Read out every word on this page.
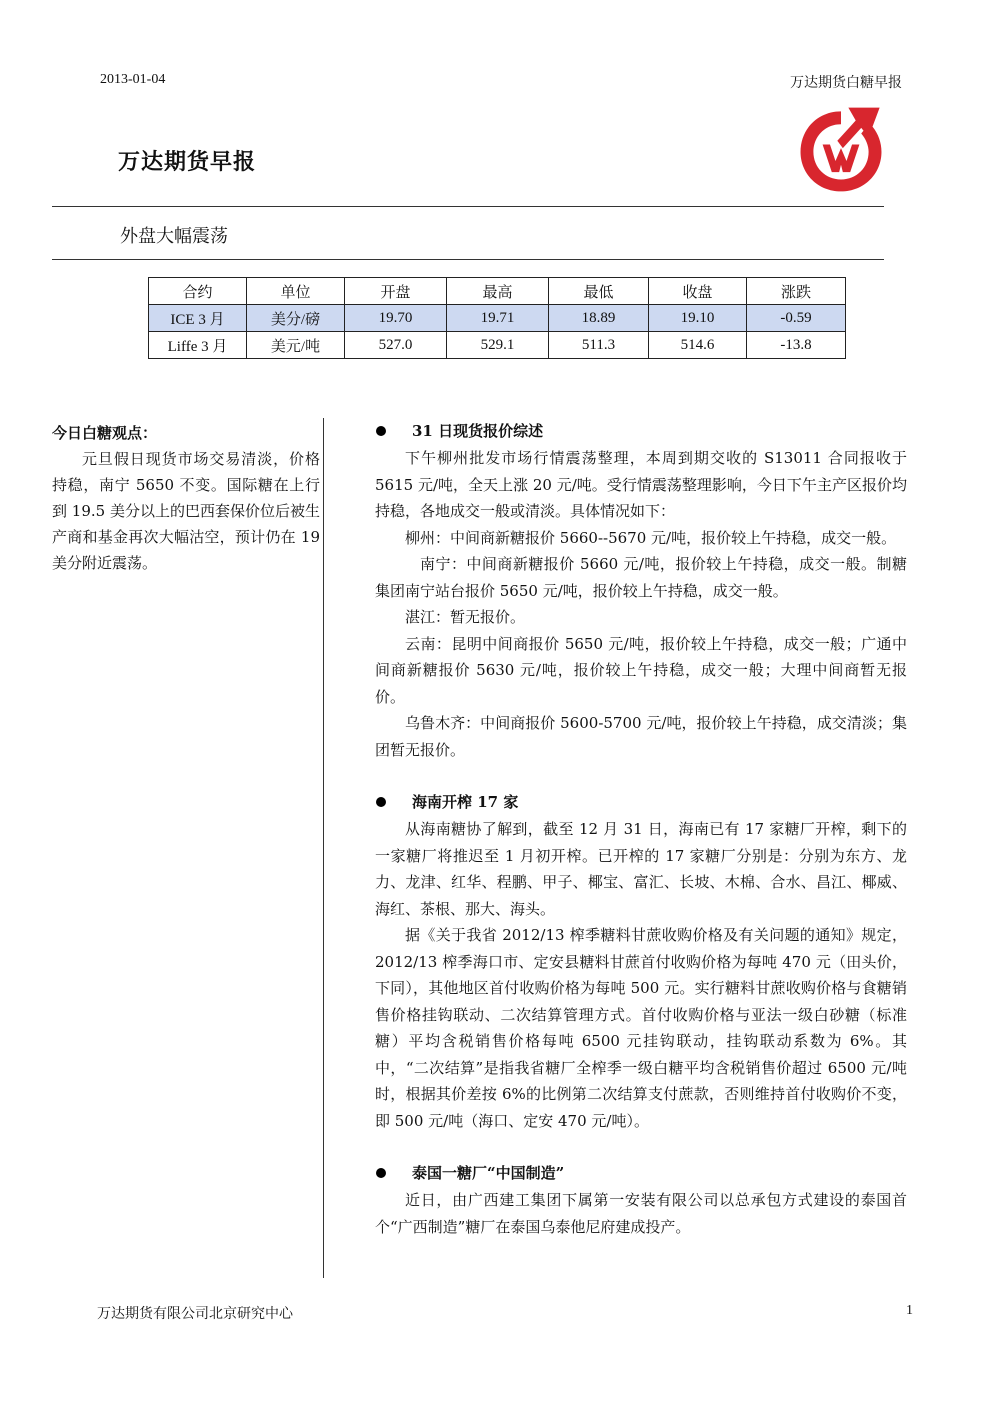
2013-01-04	万达期货白糖早报
万达期货早报
外盘大幅震荡
合约	单位	开盘	最高	最低	收盘	涨跌
ICE 3 月	美分/磅	19.70	19.71	18.89	19.10	-0.59
Liffe 3 月	美元/吨	527.0	529.1	511.3	514.6	-13.8
今日白糖观点：

元旦假日现货市场交易清淡，价格持稳，南宁 5650 不变。国际糖在上行到 19.5 美分以上的巴西套保价位后被生产商和基金再次大幅沽空，预计仍在 19 美分附近震荡。

31 日现货报价综述

下午柳州批发市场行情震荡整理，本周到期交收的 S13011 合同报收于 5615 元/吨，全天上涨 20 元/吨。受行情震荡整理影响，今日下午主产区报价均持稳，各地成交一般或清淡。具体情况如下：

柳州：中间商新糖报价 5660--5670 元/吨，报价较上午持稳，成交一般。

南宁：中间商新糖报价 5660 元/吨，报价较上午持稳，成交一般。制糖集团南宁站台报价 5650 元/吨，报价较上午持稳，成交一般。

湛江：暂无报价。

云南：昆明中间商报价 5650 元/吨，报价较上午持稳，成交一般；广通中间商新糖报价 5630 元/吨，报价较上午持稳，成交一般；大理中间商暂无报价。

乌鲁木齐：中间商报价 5600-5700 元/吨，报价较上午持稳，成交清淡；集团暂无报价。

海南开榨 17 家

从海南糖协了解到，截至 12 月 31 日，海南已有 17 家糖厂开榨，剩下的一家糖厂将推迟至 1 月初开榨。已开榨的 17 家糖厂分别是：分别为东方、龙力、龙津、红华、程鹏、甲子、椰宝、富汇、长坡、木棉、合水、昌江、椰威、海红、茶根、那大、海头。

据《关于我省 2012/13 榨季糖料甘蔗收购价格及有关问题的通知》规定，2012/13 榨季海口市、定安县糖料甘蔗首付收购价格为每吨 470 元（田头价，下同），其他地区首付收购价格为每吨 500 元。实行糖料甘蔗收购价格与食糖销售价格挂钩联动、二次结算管理方式。首付收购价格与亚法一级白砂糖（标准糖）平均含税销售价格每吨 6500 元挂钩联动，挂钩联动系数为 6%。其中，“二次结算”是指我省糖厂全榨季一级白糖平均含税销售价超过 6500 元/吨时，根据其价差按 6%的比例第二次结算支付蔗款，否则维持首付收购价不变，即 500 元/吨（海口、定安 470 元/吨）。

泰国一糖厂“中国制造”

近日，由广西建工集团下属第一安装有限公司以总承包方式建设的泰国首个“广西制造”糖厂在泰国乌泰他尼府建成投产。

万达期货有限公司北京研究中心	1
